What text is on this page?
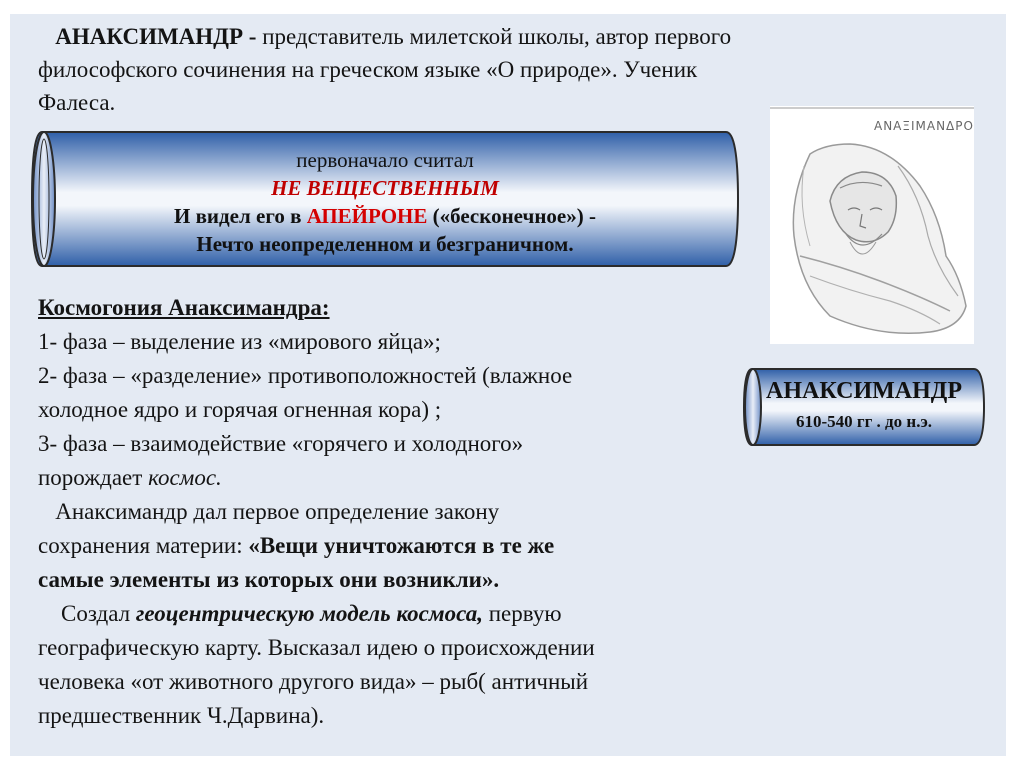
АНАКСИМАНДР - представитель милетской школы, автор первого
философского сочинения на греческом языке «О природе». Ученик
Фалеса.
первоначало считал
НЕ ВЕЩЕСТВЕННЫМ
И видел его в АПЕЙРОНЕ («бесконечное») -
Нечто неопределенном и безграничном.

Космогония Анаксимандра:

1- фаза – выделение из «мирового яйца»;

2- фаза – «разделение» противоположностей (влажное

холодное ядро и горячая огненная кора) ;

3- фаза – взаимодействие «горячего и холодного»

порождает космос.

Анаксимандр дал первое определение закону

сохранения материи: «Вещи уничтожаются в те же

самые элементы из которых они возникли».

Создал геоцентрическую модель космоса, первую

географическую карту. Высказал идею о происхождении

человека «от животного другого вида» – рыб( античный

предшественник Ч.Дарвина).

ΑΝΑΞΙΜΑΝΔΡΟ
АНАКСИМАНДР
610-540 гг . до н.э.
